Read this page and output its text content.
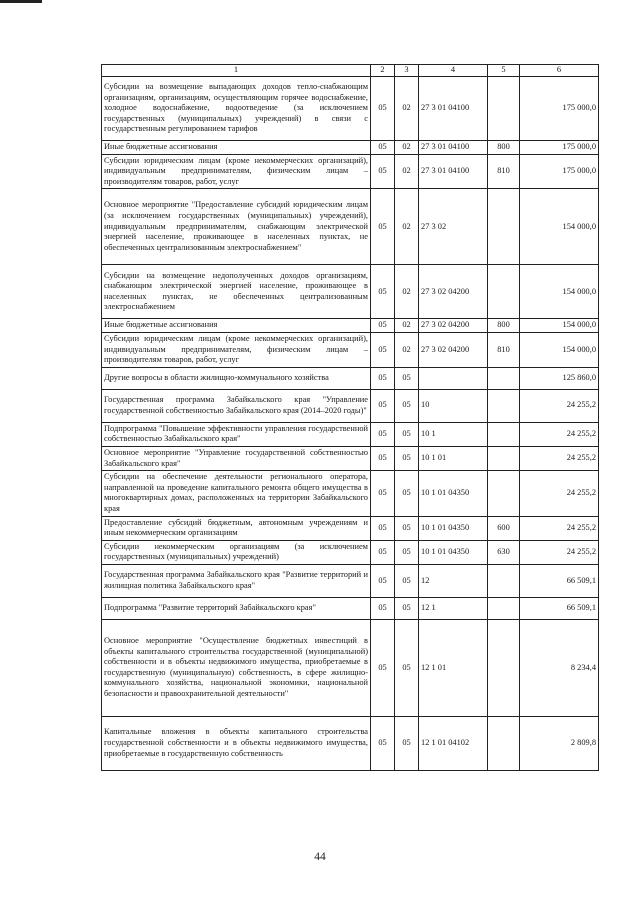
1	2	3	4	5	6
Субсидии на возмещение выпадающих доходов тепло-снабжающим организациям, организациям, осуществляющим горячее водоснабжение, холодное водоснабжение, водоотведение (за исключением государственных (муниципальных) учреждений) в связи с государственным регулированием тарифов	05	02	27 3 01 04100		175 000,0
Иные бюджетные ассигнования	05	02	27 3 01 04100	800	175 000,0
Субсидии юридическим лицам (кроме некоммерческих организаций), индивидуальным предпринимателям, физическим лицам – производителям товаров, работ, услуг	05	02	27 3 01 04100	810	175 000,0
Основное мероприятие "Предоставление субсидий юридическим лицам (за исключением государственных (муниципальных) учреждений), индивидуальным предпринимателям, снабжающим электрической энергией население, проживающее в населенных пунктах, не обеспеченных централизованным электроснабжением"	05	02	27 3 02		154 000,0
Субсидии на возмещение недополученных доходов организациям, снабжающим электрической энергией население, проживающее в населенных пунктах, не обеспеченных централизованным электроснабжением	05	02	27 3 02 04200		154 000,0
Иные бюджетные ассигнования	05	02	27 3 02 04200	800	154 000,0
Субсидии юридическим лицам (кроме некоммерческих организаций), индивидуальным предпринимателям, физическим лицам – производителям товаров, работ, услуг	05	02	27 3 02 04200	810	154 000,0
Другие вопросы в области жилищно-коммунального хозяйства	05	05			125 860,0
Государственная программа Забайкальского края "Управление государственной собственностью Забайкальского края (2014–2020 годы)"	05	05	10		24 255,2
Подпрограмма "Повышение эффективности управления государственной собственностью Забайкальского края"	05	05	10 1		24 255,2
Основное мероприятие "Управление государственной собственностью Забайкальского края"	05	05	10 1 01		24 255,2
Субсидии на обеспечение деятельности регионального оператора, направленной на проведение капитального ремонта общего имущества в многоквартирных домах, расположенных на территории Забайкальского края	05	05	10 1 01 04350		24 255,2
Предоставление субсидий бюджетным, автономным учреждениям и иным некоммерческим организациям	05	05	10 1 01 04350	600	24 255,2
Субсидии некоммерческим организациям (за исключением государственных (муниципальных) учреждений)	05	05	10 1 01 04350	630	24 255,2
Государственная программа Забайкальского края "Развитие территорий и жилищная политика Забайкальского края"	05	05	12		66 509,1
Подпрограмма "Развитие территорий Забайкальского края"	05	05	12 1		66 509,1
Основное мероприятие "Осуществление бюджетных инвестиций в объекты капитального строительства государственной (муниципальной) собственности и в объекты недвижимого имущества, приобретаемые в государственную (муниципальную) собственность, в сфере жилищно-коммунального хозяйства, национальной экономики, национальной безопасности и правоохранительной деятельности"	05	05	12 1 01		8 234,4
Капитальные вложения в объекты капитального строительства государственной собственности и в объекты недвижимого имущества, приобретаемые в государственную собственность	05	05	12 1 01 04102		2 809,8
44
